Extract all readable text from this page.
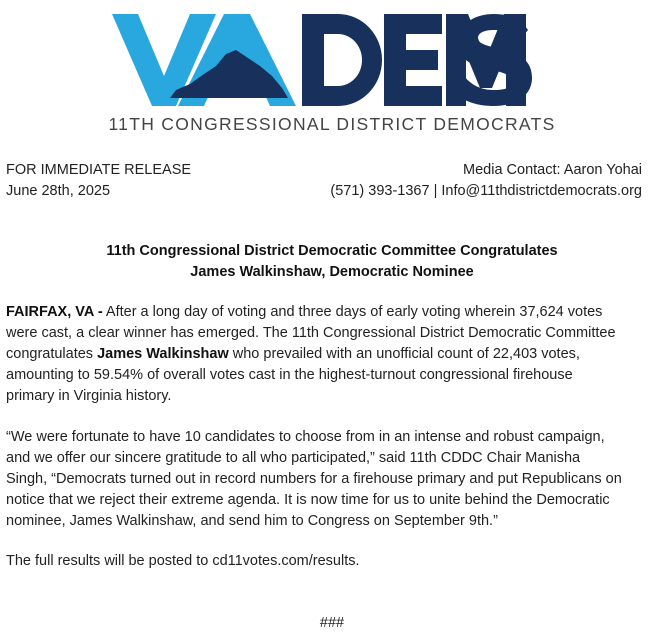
11TH CONGRESSIONAL DISTRICT DEMOCRATS
FOR IMMEDIATE RELEASE
June 28th, 2025
Media Contact: Aaron Yohai
(571) 393-1367 | Info@11thdistrictdemocrats.org
11th Congressional District Democratic Committee Congratulates
James Walkinshaw, Democratic Nominee
FAIRFAX, VA - After a long day of voting and three days of early voting wherein 37,624 votes
were cast, a clear winner has emerged. The 11th Congressional District Democratic Committee
congratulates James Walkinshaw who prevailed with an unofficial count of 22,403 votes,
amounting to 59.54% of overall votes cast in the highest-turnout congressional firehouse
primary in Virginia history.
“We were fortunate to have 10 candidates to choose from in an intense and robust campaign,
and we offer our sincere gratitude to all who participated,” said 11th CDDC Chair Manisha
Singh, “Democrats turned out in record numbers for a firehouse primary and put Republicans on
notice that we reject their extreme agenda. It is now time for us to unite behind the Democratic
nominee, James Walkinshaw, and send him to Congress on September 9th.”
The full results will be posted to cd11votes.com/results.
###
